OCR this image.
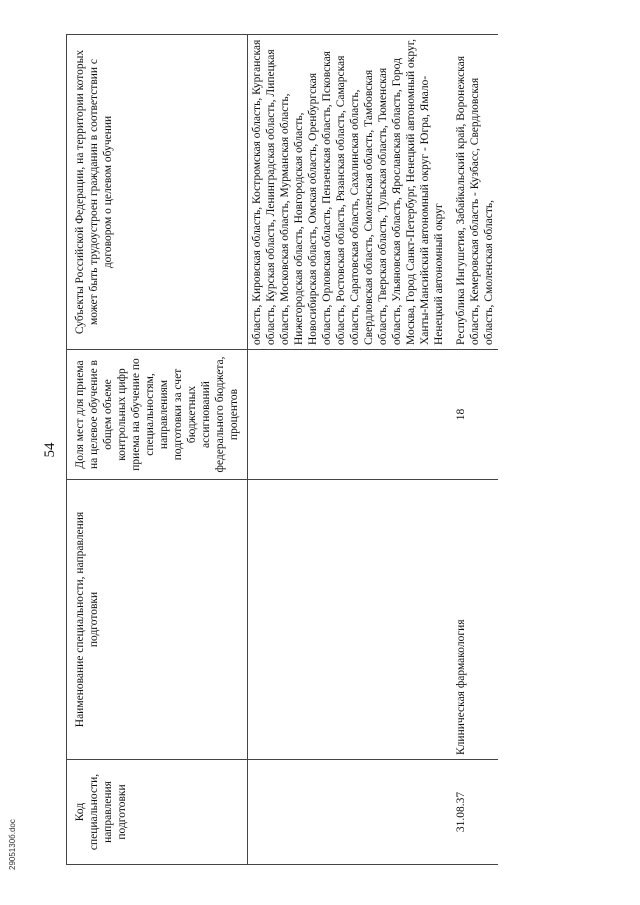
54
Код специальности, направления подготовки	Наименование специальности, направления подготовки	Доля мест для приема на целевое обучение в общем объеме контрольных цифр приема на обучение по специальностям, направлениям подготовки за счет бюджетных ассигнований федерального бюджета, процентов	Субъекты Российской Федерации, на территории которых может быть трудоустроен гражданин в соответствии с договором о целевом обучении
			область, Кировская область, Костромская область, Курганская область, Курская область, Ленинградская область, Липецкая область, Московская область, Мурманская область, Нижегородская область, Новгородская область, Новосибирская область, Омская область, Оренбургская область, Орловская область, Пензенская область, Псковская область, Ростовская область, Рязанская область, Самарская область, Саратовская область, Сахалинская область, Свердловская область, Смоленская область, Тамбовская область, Тверская область, Тульская область, Тюменская область, Ульяновская область, Ярославская область, Город Москва, Город Санкт-Петербург, Ненецкий автономный округ, Ханты-Мансийский автономный округ - Югра, Ямало-Ненецкий автономный округ
31.08.37	Клиническая фармакология	18	Республика Ингушетия, Забайкальский край, Воронежская область, Кемеровская область - Кузбасс, Свердловская область, Смоленская область,
2905130б.doc
